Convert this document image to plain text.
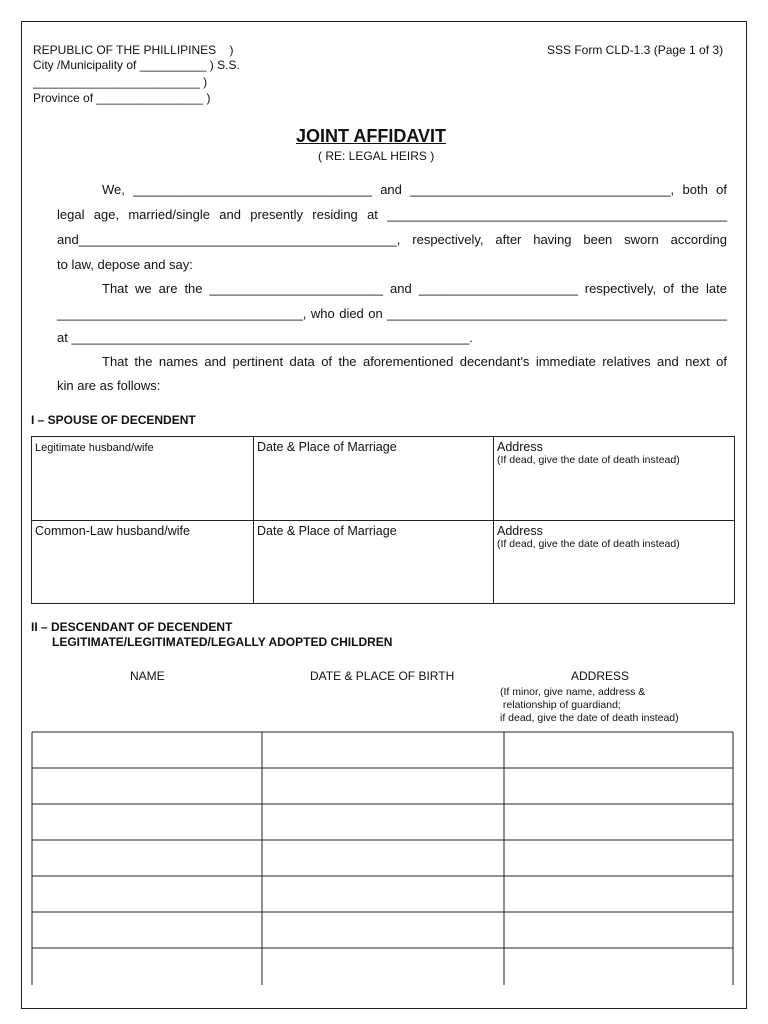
REPUBLIC OF THE PHILLIPINES    )
City /Municipality of __________ ) S.S.
_________________________ )
Province of ________________ )
SSS Form CLD-1.3 (Page 1 of 3)
JOINT AFFIDAVIT
( RE: LEGAL HEIRS )
We, _________________________________ and ____________________________________, both of
legal age, married/single and presently residing at _______________________________________________
and____________________________________________, respectively, after having been sworn according
to law, depose and say:
That we are the ________________________ and ______________________ respectively, of the late
__________________________________, who died on _______________________________________________
at _______________________________________________________.
That the names and pertinent data of the aforementioned decendant's immediate relatives and next of
kin are as follows:
I – SPOUSE OF DECENDENT
Legitimate husband/wife	Date & Place of Marriage	Address
(If dead, give the date of death instead)

Common-Law husband/wife	Date & Place of Marriage	Address
(If dead, give the date of death instead)
II – DESCENDANT OF DECENDENT
LEGITIMATE/LEGITIMATED/LEGALLY ADOPTED CHILDREN
NAME	DATE & PLACE OF BIRTH	ADDRESS
(If minor, give name, address &
relationship of guardiand;
if dead, give the date of death instead)
